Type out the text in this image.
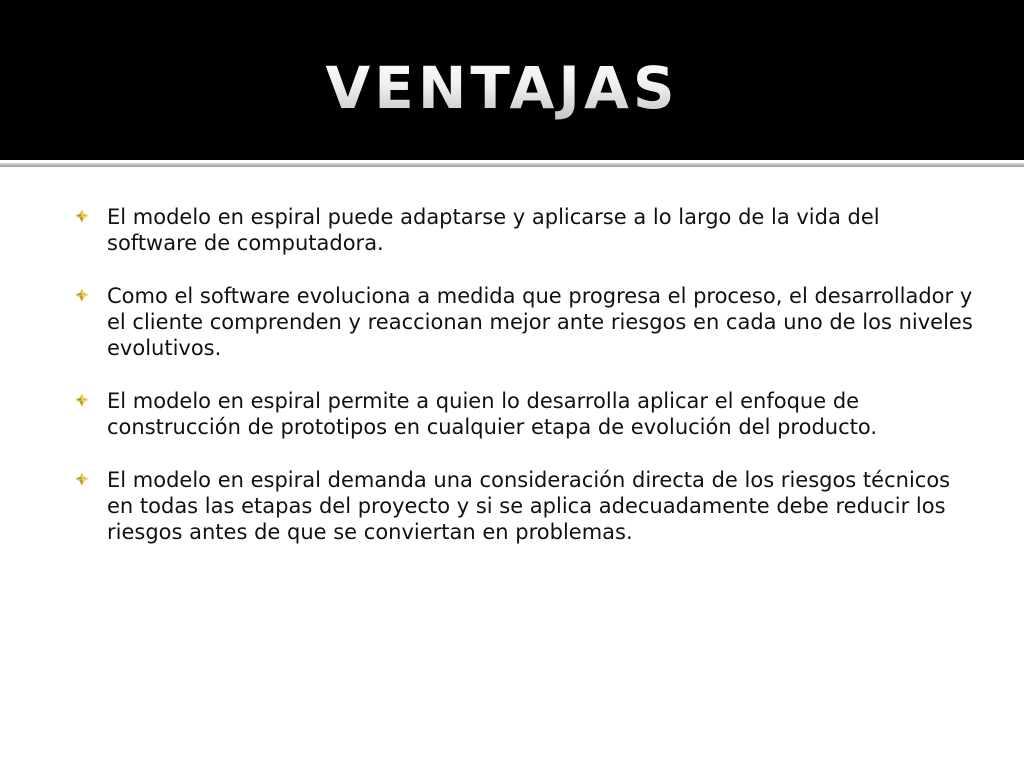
VENTAJAS
El modelo en espiral puede adaptarse y aplicarse a lo largo de la vida del software de computadora.
Como el software evoluciona a medida que progresa el proceso, el desarrollador y el cliente comprenden y reaccionan mejor ante riesgos en cada uno de los niveles evolutivos.
El modelo en espiral permite a quien lo desarrolla aplicar el enfoque de construcción de prototipos en cualquier etapa de evolución del producto.
El modelo en espiral demanda una consideración directa de los riesgos técnicos en todas las etapas del proyecto y si se aplica adecuadamente debe reducir los riesgos antes de que se conviertan en problemas.
